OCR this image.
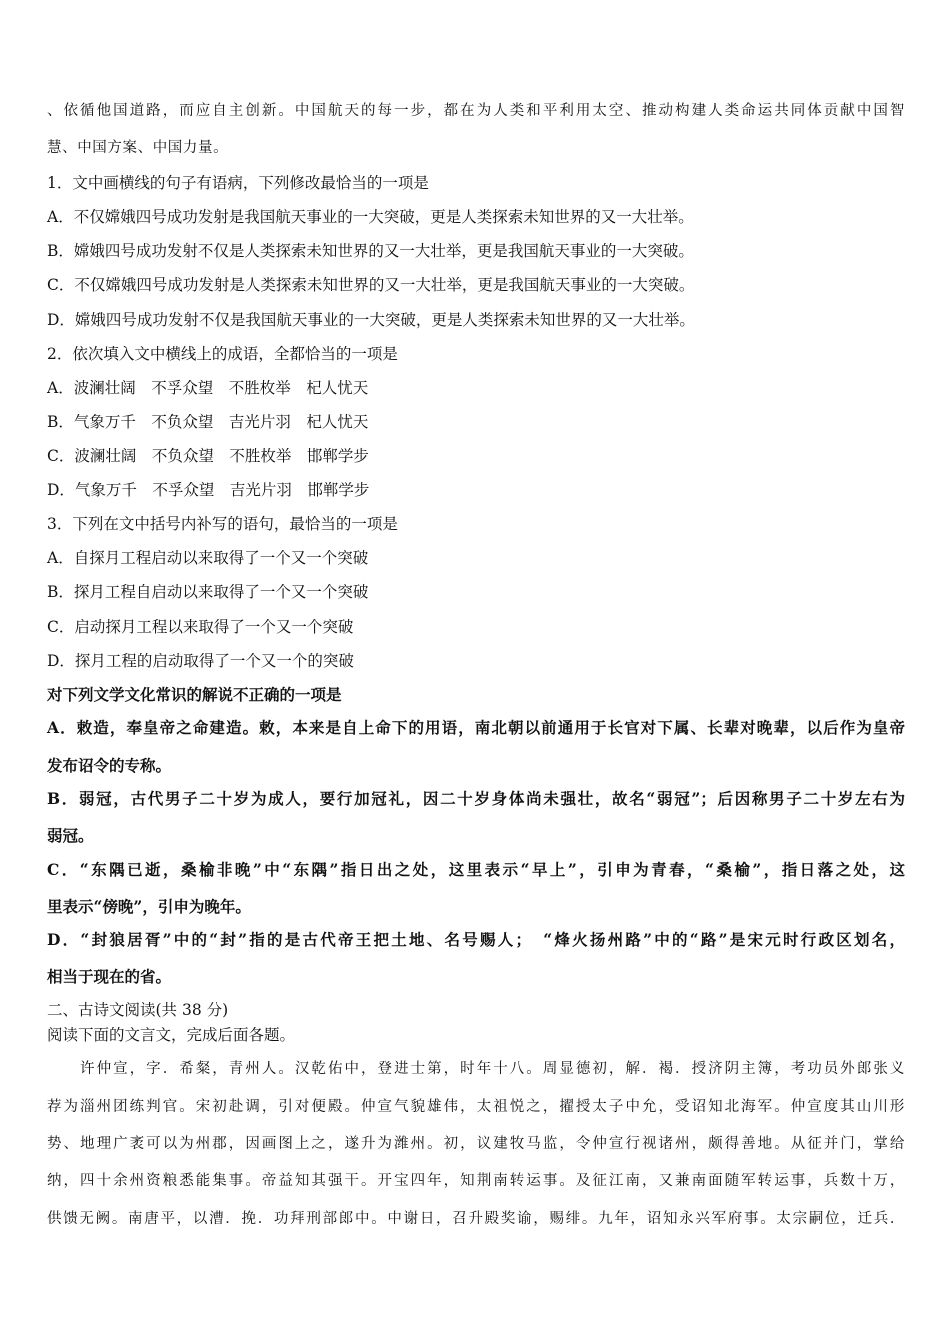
、依循他国道路，而应自主创新。中国航天的每一步，都在为人类和平利用太空、推动构建人类命运共同体贡献中国智
慧、中国方案、中国力量。
1．文中画横线的句子有语病，下列修改最恰当的一项是
A．不仅嫦娥四号成功发射是我国航天事业的一大突破，更是人类探索未知世界的又一大壮举。
B．嫦娥四号成功发射不仅是人类探索未知世界的又一大壮举，更是我国航天事业的一大突破。
C．不仅嫦娥四号成功发射是人类探索未知世界的又一大壮举，更是我国航天事业的一大突破。
D．嫦娥四号成功发射不仅是我国航天事业的一大突破，更是人类探索未知世界的又一大壮举。
2．依次填入文中横线上的成语，全都恰当的一项是
A．波澜壮阔　不孚众望　不胜枚举　杞人忧天
B．气象万千　不负众望　吉光片羽　杞人忧天
C．波澜壮阔　不负众望　不胜枚举　邯郸学步
D．气象万千　不孚众望　吉光片羽　邯郸学步
3．下列在文中括号内补写的语句，最恰当的一项是
A．自探月工程启动以来取得了一个又一个突破
B．探月工程自启动以来取得了一个又一个突破
C．启动探月工程以来取得了一个又一个突破
D．探月工程的启动取得了一个又一个的突破
对下列文学文化常识的解说不正确的一项是
A．敕造，奉皇帝之命建造。敕，本来是自上命下的用语，南北朝以前通用于长官对下属、长辈对晚辈，以后作为皇帝
发布诏令的专称。
B．弱冠，古代男子二十岁为成人，要行加冠礼，因二十岁身体尚未强壮，故名“弱冠”；后因称男子二十岁左右为
弱冠。
C．“东隅已逝，桑榆非晚”中“东隅”指日出之处，这里表示“早上”，引申为青春，“桑榆”，指日落之处，这
里表示“傍晚”，引申为晚年。
D．“封狼居胥”中的“封”指的是古代帝王把土地、名号赐人；　“烽火扬州路”中的“路”是宋元时行政区划名，
相当于现在的省。
二、古诗文阅读(共 38 分)
阅读下面的文言文，完成后面各题。
　　许仲宣，字．希粲，青州人。汉乾佑中，登进士第，时年十八。周显德初，解．褐．授济阴主簿，考功员外郎张义
荐为淄州团练判官。宋初赴调，引对便殿。仲宣气貌雄伟，太祖悦之，擢授太子中允，受诏知北海军。仲宣度其山川形
势、地理广袤可以为州郡，因画图上之，遂升为潍州。初，议建牧马监，令仲宣行视诸州，颇得善地。从征并门，掌给
纳，四十余州资粮悉能集事。帝益知其强干。开宝四年，知荆南转运事。及征江南，又兼南面随军转运事，兵数十万，
供馈无阙。南唐平，以漕．挽．功拜刑部郎中。中谢日，召升殿奖谕，赐绯。九年，诏知永兴军府事。太宗嗣位，迁兵．
